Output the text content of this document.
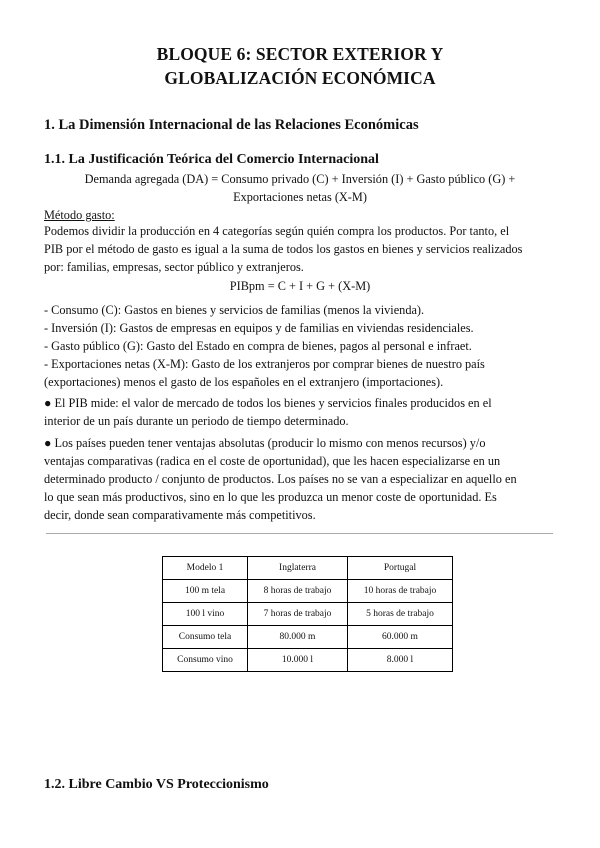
BLOQUE 6: SECTOR EXTERIOR Y
GLOBALIZACIÓN ECONÓMICA
1. La Dimensión Internacional de las Relaciones Económicas
1.1. La Justificación Teórica del Comercio Internacional
Demanda agregada (DA) = Consumo privado (C) + Inversión (I) + Gasto público (G) +
Exportaciones netas (X-M)
Método gasto:
Podemos dividir la producción en 4 categorías según quién compra los productos. Por tanto, el
PIB por el método de gasto es igual a la suma de todos los gastos en bienes y servicios realizados
por: familias, empresas, sector público y extranjeros.
PIBpm = C + I + G + (X-M)
- Consumo (C): Gastos en bienes y servicios de familias (menos la vivienda).
- Inversión (I): Gastos de empresas en equipos y de familias en viviendas residenciales.
- Gasto público (G): Gasto del Estado en compra de bienes, pagos al personal e infraet.
- Exportaciones netas (X-M): Gasto de los extranjeros por comprar bienes de nuestro país
(exportaciones) menos el gasto de los españoles en el extranjero (importaciones).
● El PIB mide: el valor de mercado de todos los bienes y servicios finales producidos en el
interior de un país durante un periodo de tiempo determinado.
● Los países pueden tener ventajas absolutas (producir lo mismo con menos recursos) y/o
ventajas comparativas (radica en el coste de oportunidad), que les hacen especializarse en un
determinado producto / conjunto de productos. Los países no se van a especializar en aquello en
lo que sean más productivos, sino en lo que les produzca un menor coste de oportunidad. Es
decir, donde sean comparativamente más competitivos.
Modelo 1	Inglaterra	Portugal
100 m tela	8 horas de trabajo	10 horas de trabajo
100 l vino	7 horas de trabajo	5 horas de trabajo
Consumo tela	80.000 m	60.000 m
Consumo vino	10.000 l	8.000 l
1.2. Libre Cambio VS Proteccionismo
